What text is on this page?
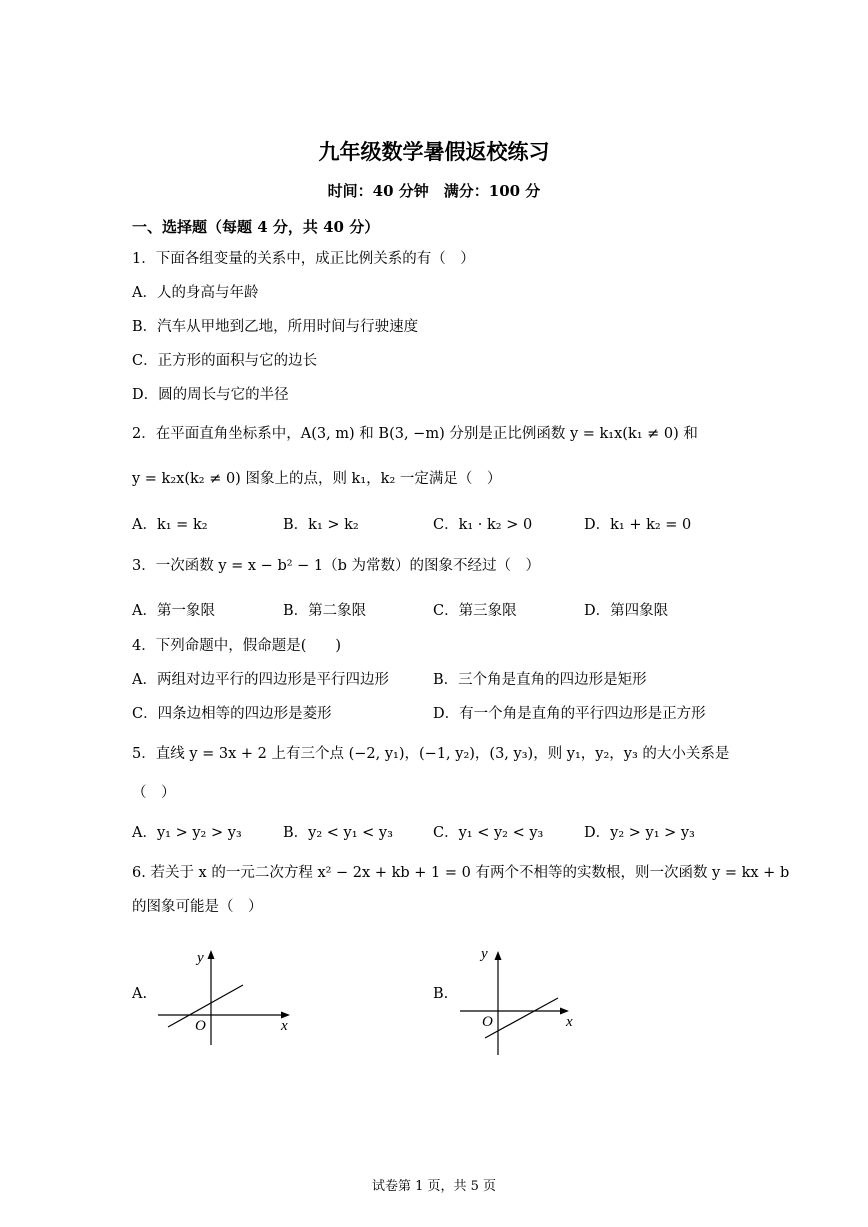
九年级数学暑假返校练习
时间：40 分钟　满分：100 分
一、选择题（每题 4 分，共 40 分）
1．下面各组变量的关系中，成正比例关系的有（　）
A．人的身高与年龄
B．汽车从甲地到乙地，所用时间与行驶速度
C．正方形的面积与它的边长
D．圆的周长与它的半径
2．在平面直角坐标系中，A(3, m) 和 B(3, −m) 分别是正比例函数 y = k₁x(k₁ ≠ 0) 和
y = k₂x(k₂ ≠ 0) 图象上的点，则 k₁，k₂ 一定满足（　）
A．k₁ = k₂	B．k₁ > k₂	C．k₁ · k₂ > 0	D．k₁ + k₂ = 0
3．一次函数 y = x − b² − 1（b 为常数）的图象不经过（　）
A．第一象限	B．第二象限	C．第三象限	D．第四象限
4．下列命题中，假命题是(　　)
A．两组对边平行的四边形是平行四边形	B．三个角是直角的四边形是矩形
C．四条边相等的四边形是菱形	D．有一个角是直角的平行四边形是正方形
5．直线 y = 3x + 2 上有三个点 (−2, y₁)，(−1, y₂)，(3, y₃)，则 y₁，y₂，y₃ 的大小关系是
（　）
A．y₁ > y₂ > y₃	B．y₂ < y₁ < y₃	C．y₁ < y₂ < y₃	D．y₂ > y₁ > y₃
6. 若关于 x 的一元二次方程 x² − 2x + kb + 1 = 0 有两个不相等的实数根，则一次函数 y = kx + b
的图象可能是（　）
A.
y
x
O
B.
y
x
O
试卷第 1 页，共 5 页
